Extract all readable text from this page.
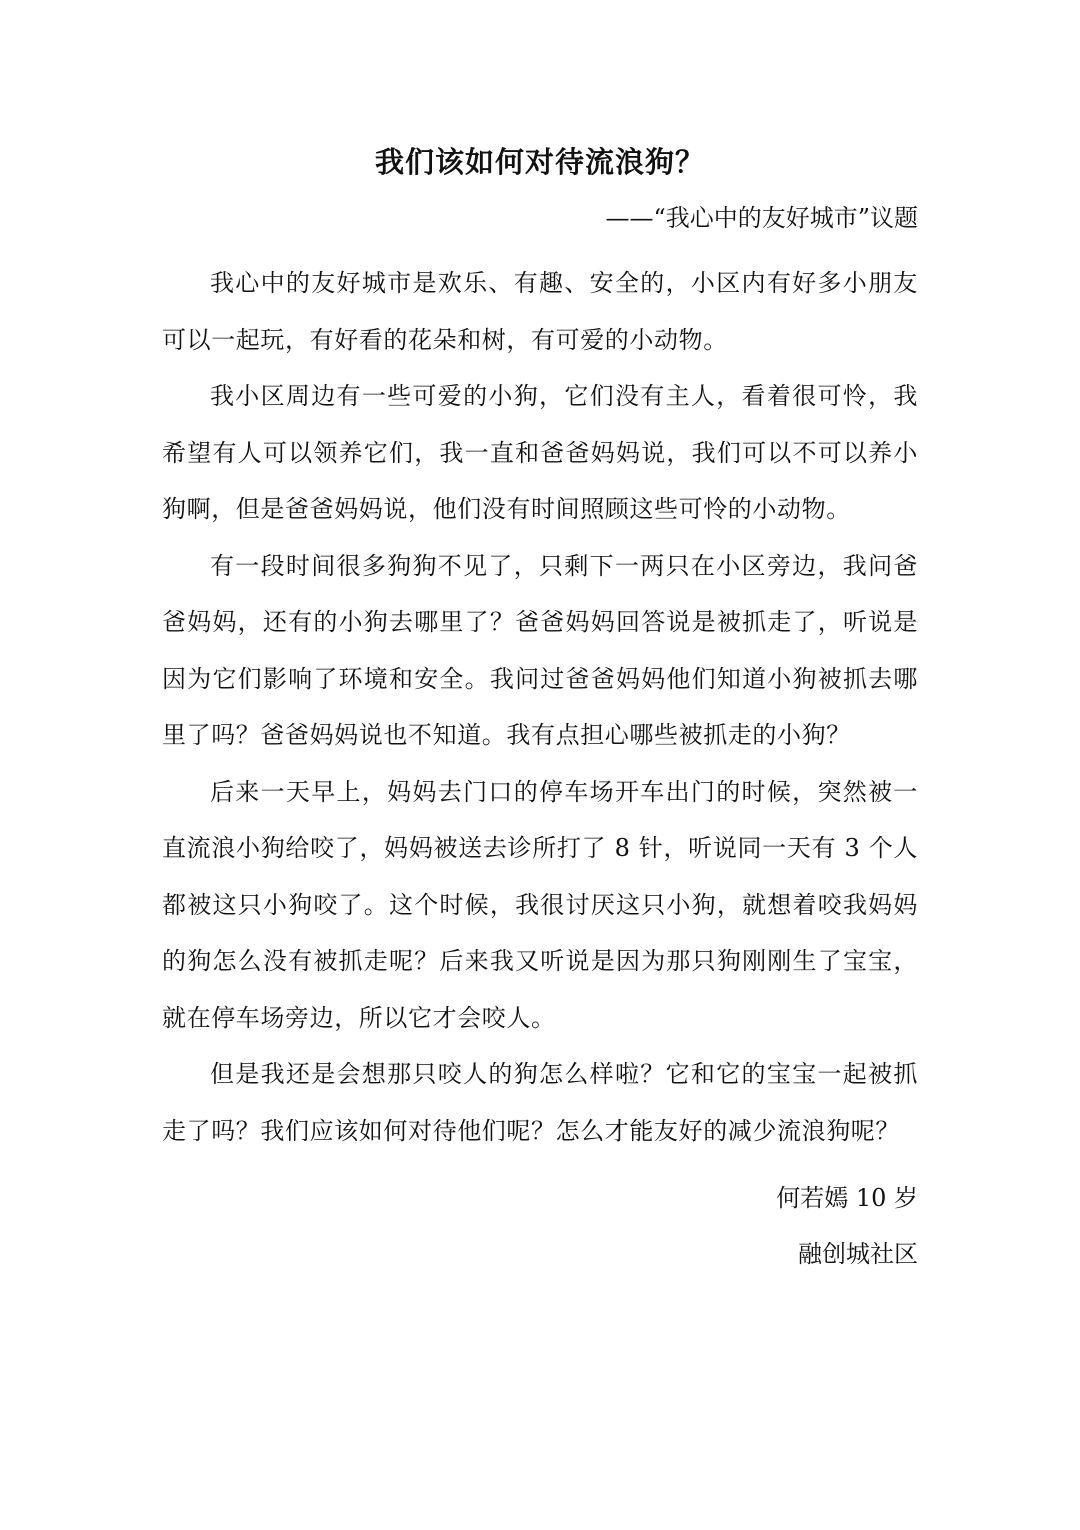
我们该如何对待流浪狗？
——“我心中的友好城市”议题

我心中的友好城市是欢乐、有趣、安全的，小区内有好多小朋友可以一起玩，有好看的花朵和树，有可爱的小动物。

我小区周边有一些可爱的小狗，它们没有主人，看着很可怜，我希望有人可以领养它们，我一直和爸爸妈妈说，我们可以不可以养小狗啊，但是爸爸妈妈说，他们没有时间照顾这些可怜的小动物。

有一段时间很多狗狗不见了，只剩下一两只在小区旁边，我问爸爸妈妈，还有的小狗去哪里了？爸爸妈妈回答说是被抓走了，听说是因为它们影响了环境和安全。我问过爸爸妈妈他们知道小狗被抓去哪里了吗？爸爸妈妈说也不知道。我有点担心哪些被抓走的小狗？

后来一天早上，妈妈去门口的停车场开车出门的时候，突然被一直流浪小狗给咬了，妈妈被送去诊所打了 8 针，听说同一天有 3 个人都被这只小狗咬了。这个时候，我很讨厌这只小狗，就想着咬我妈妈的狗怎么没有被抓走呢？后来我又听说是因为那只狗刚刚生了宝宝，就在停车场旁边，所以它才会咬人。

但是我还是会想那只咬人的狗怎么样啦？它和它的宝宝一起被抓走了吗？我们应该如何对待他们呢？怎么才能友好的减少流浪狗呢？

何若嫣 10 岁
融创城社区
